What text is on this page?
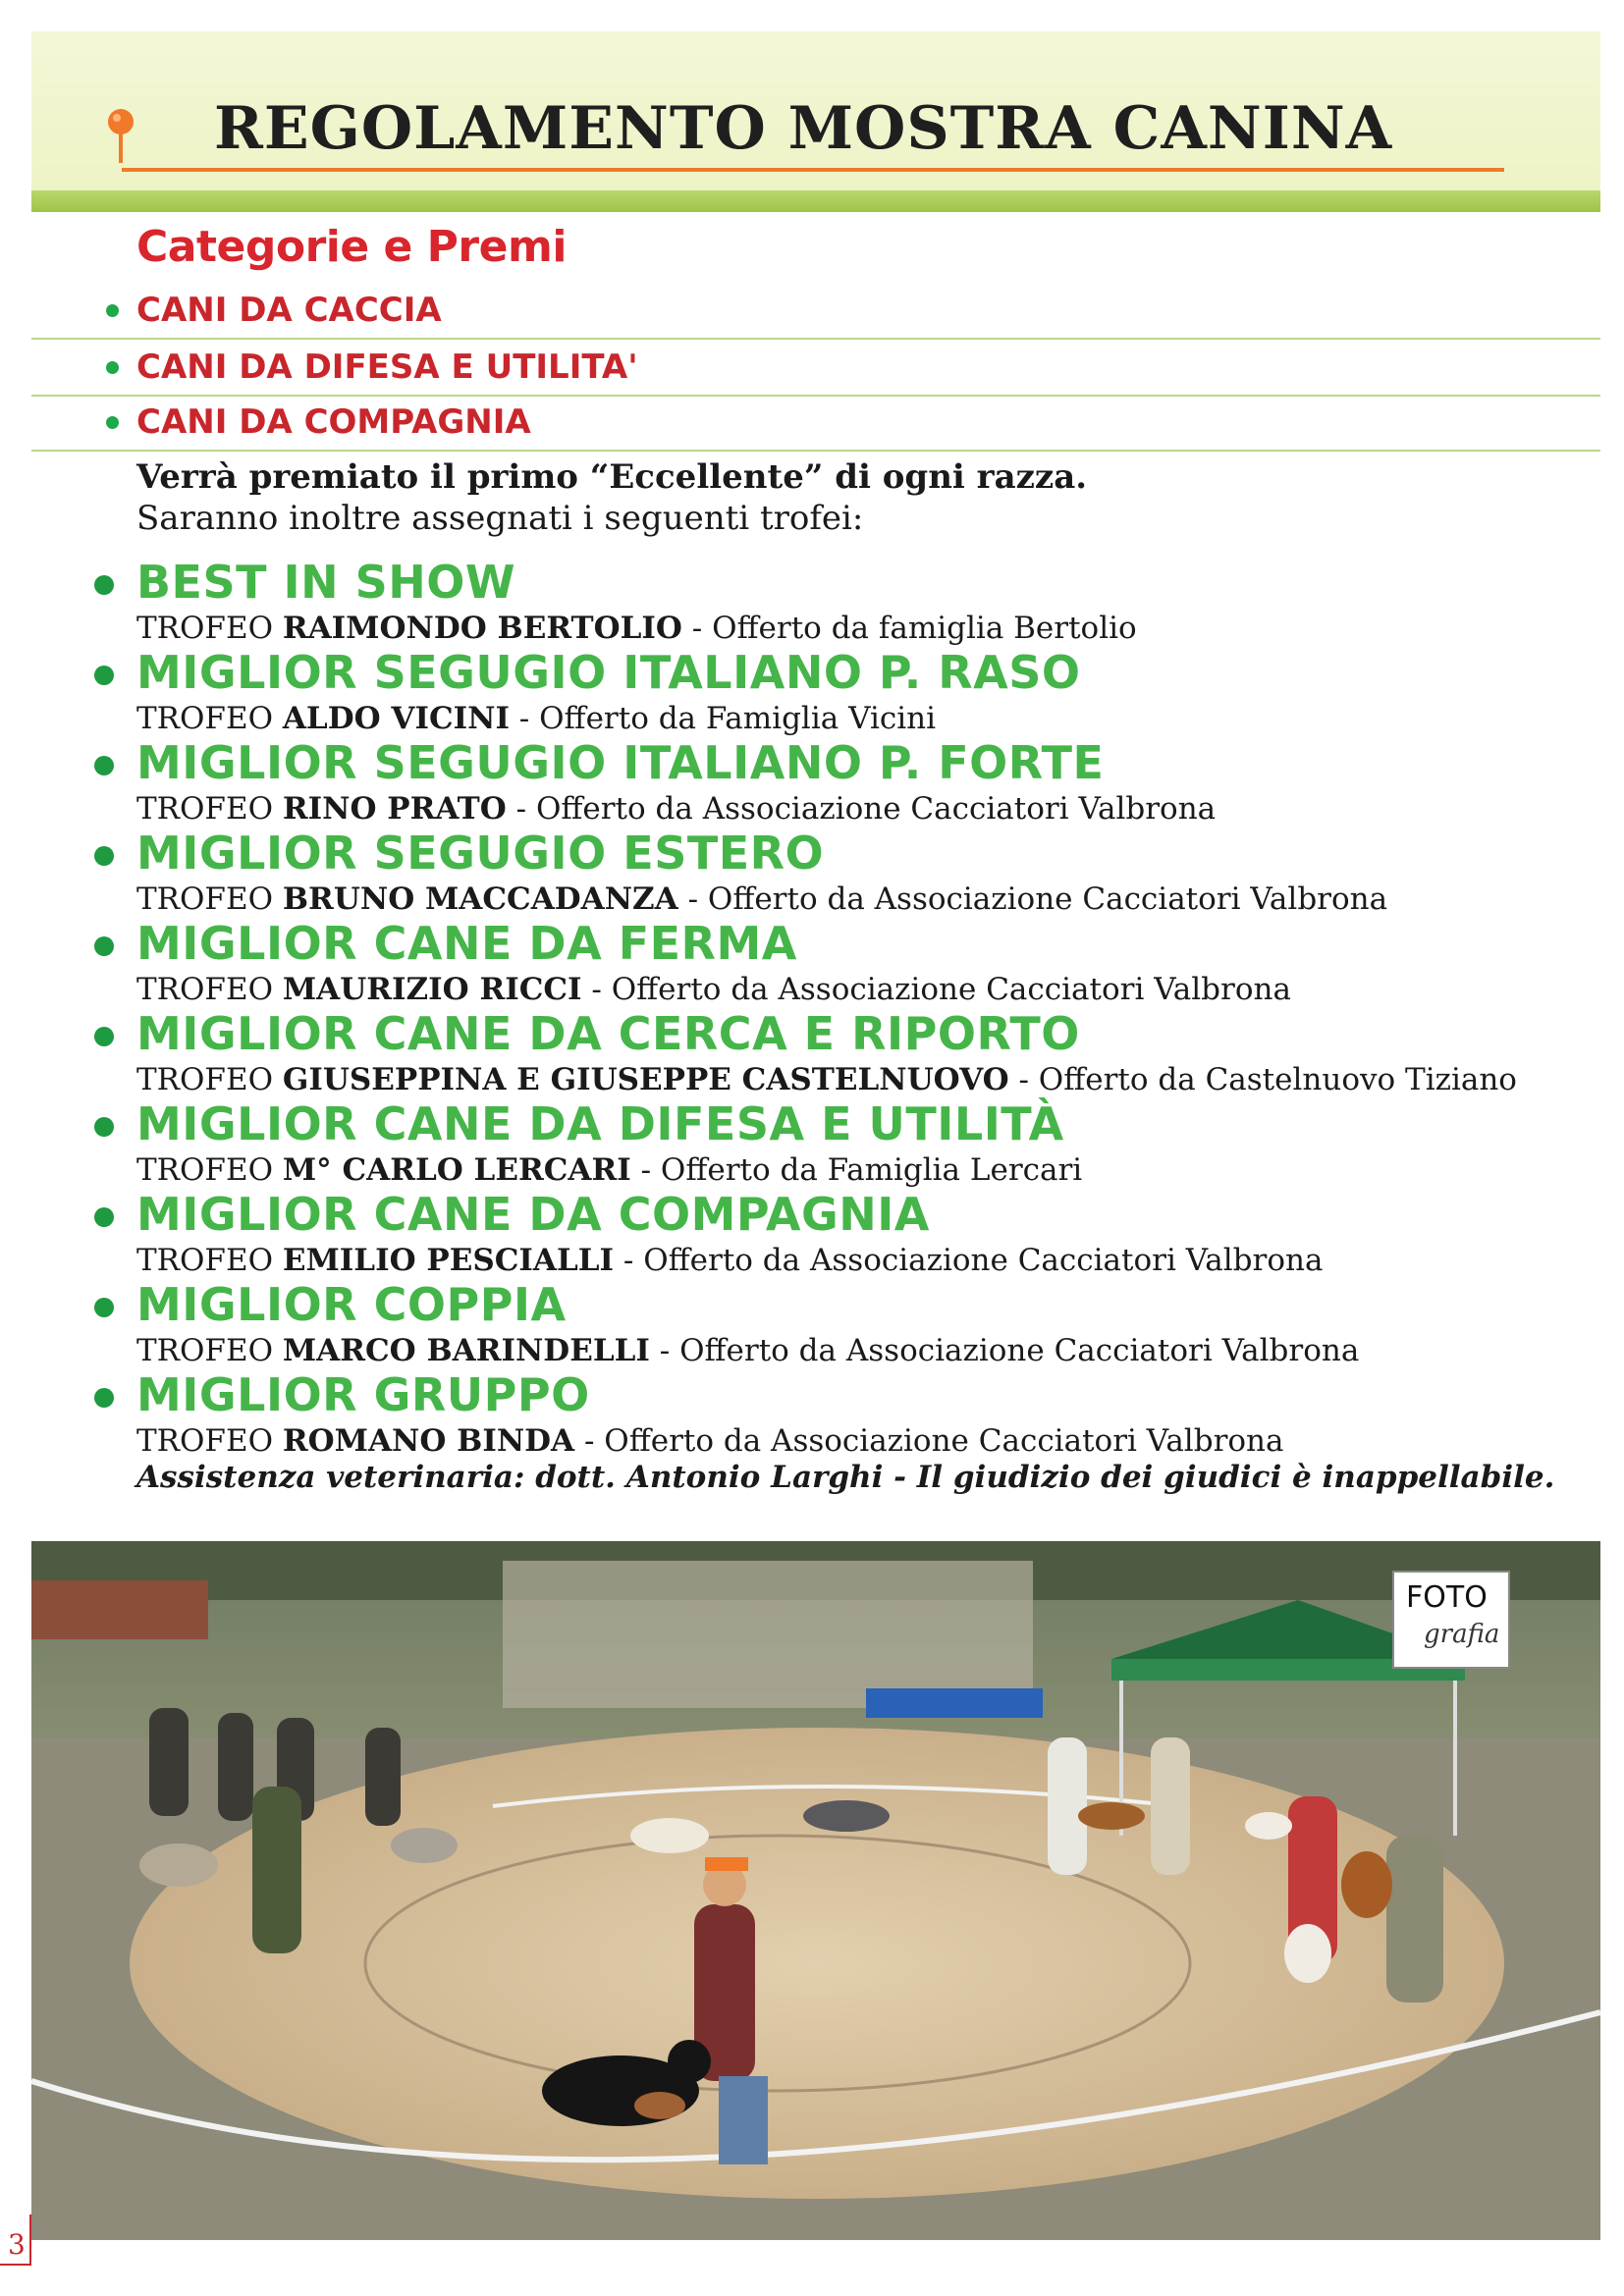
REGOLAMENTO MOSTRA CANINA
Categorie e Premi
CANI DA CACCIA
CANI DA DIFESA E UTILITA'
CANI DA COMPAGNIA
Verrà premiato il primo “Eccellente” di ogni razza.
Saranno inoltre assegnati i seguenti trofei:
BEST IN SHOW
TROFEO RAIMONDO BERTOLIO - Offerto da famiglia Bertolio
MIGLIOR SEGUGIO ITALIANO P. RASO
TROFEO ALDO VICINI - Offerto da Famiglia Vicini
MIGLIOR SEGUGIO ITALIANO P. FORTE
TROFEO RINO PRATO - Offerto da Associazione Cacciatori Valbrona
MIGLIOR SEGUGIO ESTERO
TROFEO BRUNO MACCADANZA - Offerto da Associazione Cacciatori Valbrona
MIGLIOR CANE DA FERMA
TROFEO MAURIZIO RICCI - Offerto da Associazione Cacciatori Valbrona
MIGLIOR CANE DA CERCA E RIPORTO
TROFEO GIUSEPPINA E GIUSEPPE CASTELNUOVO - Offerto da Castelnuovo Tiziano
MIGLIOR CANE DA DIFESA E UTILITÀ
TROFEO M° CARLO LERCARI - Offerto da Famiglia Lercari
MIGLIOR CANE DA COMPAGNIA
TROFEO EMILIO PESCIALLI - Offerto da Associazione Cacciatori Valbrona
MIGLIOR COPPIA
TROFEO MARCO BARINDELLI - Offerto da Associazione Cacciatori Valbrona
MIGLIOR GRUPPO
TROFEO ROMANO BINDA - Offerto da Associazione Cacciatori Valbrona
Assistenza veterinaria: dott. Antonio Larghi - Il giudizio dei giudici è inappellabile.
FOTO
grafia
3
